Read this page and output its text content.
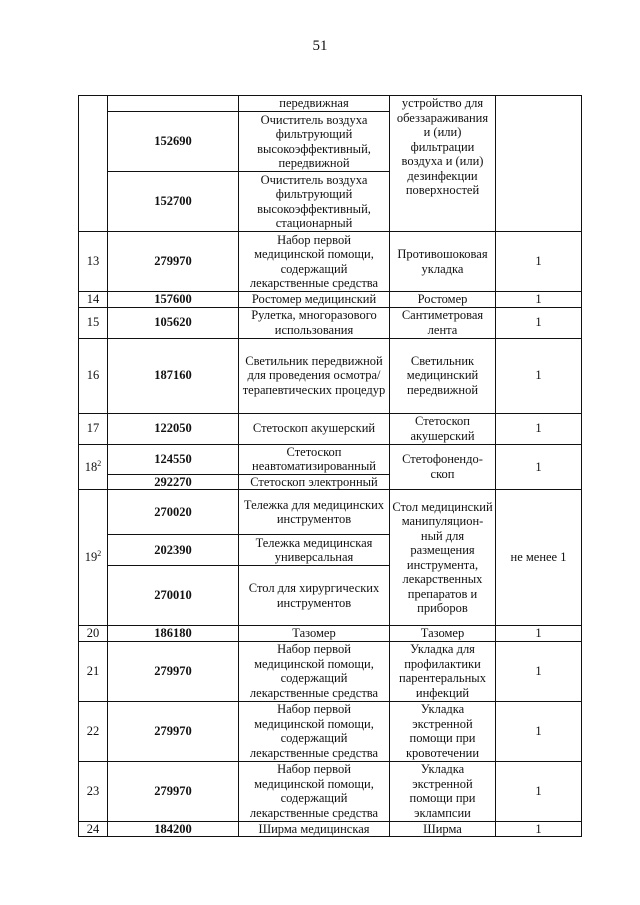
51
		передвижная	устройство для обеззараживания и (или) фильтрации воздуха и (или) дезинфекции поверхностей	
	152690	Очиститель воздуха фильтрующий высокоэффективный, передвижной		
	152700	Очиститель воздуха фильтрующий высокоэффективный, стационарный		
13	279970	Набор первой медицинской помощи, содержащий лекарственные средства	Противошоковая укладка	1
14	157600	Ростомер медицинский	Ростомер	1
15	105620	Рулетка, многоразового использования	Сантиметровая лента	1
16	187160	Светильник передвижной для проведения осмотра/терапевтических процедур	Светильник медицинский передвижной	1
17	122050	Стетоскоп акушерский	Стетоскоп акушерский	1
$18^2$	124550	Стетоскоп неавтоматизированный	Стетофонендо-скоп	1
	292270	Стетоскоп электронный		
$19^2$	270020	Тележка для медицинских инструментов	Стол медицинский манипуляцион-ный для размещения инструмента, лекарственных препаратов и приборов	не менее 1
	202390	Тележка медицинская универсальная		
	270010	Стол для хирургических инструментов		
20	186180	Тазомер	Тазомер	1
21	279970	Набор первой медицинской помощи, содержащий лекарственные средства	Укладка для профилактики парентеральных инфекций	1
22	279970	Набор первой медицинской помощи, содержащий лекарственные средства	Укладка экстренной помощи при кровотечении	1
23	279970	Набор первой медицинской помощи, содержащий лекарственные средства	Укладка экстренной помощи при эклампсии	1
24	184200	Ширма медицинская	Ширма	1
